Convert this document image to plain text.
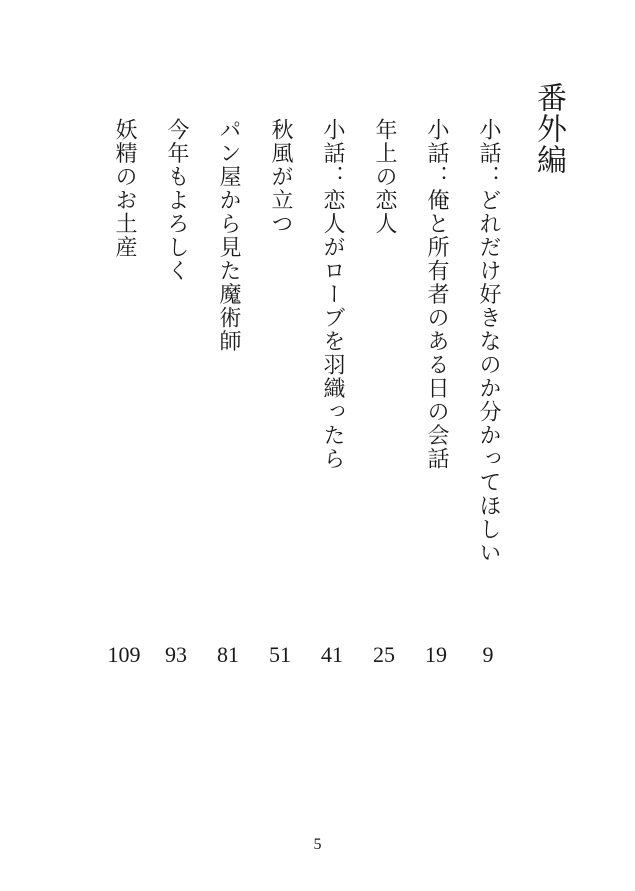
番外編
小話：どれだけ好きなのか分かってほしい
9
小話：俺と所有者のある日の会話
19
年上の恋人
25
小話：恋人がローブを羽織ったら
41
秋風が立つ
51
パン屋から見た魔術師
81
今年もよろしく
93
妖精のお土産
109
5
